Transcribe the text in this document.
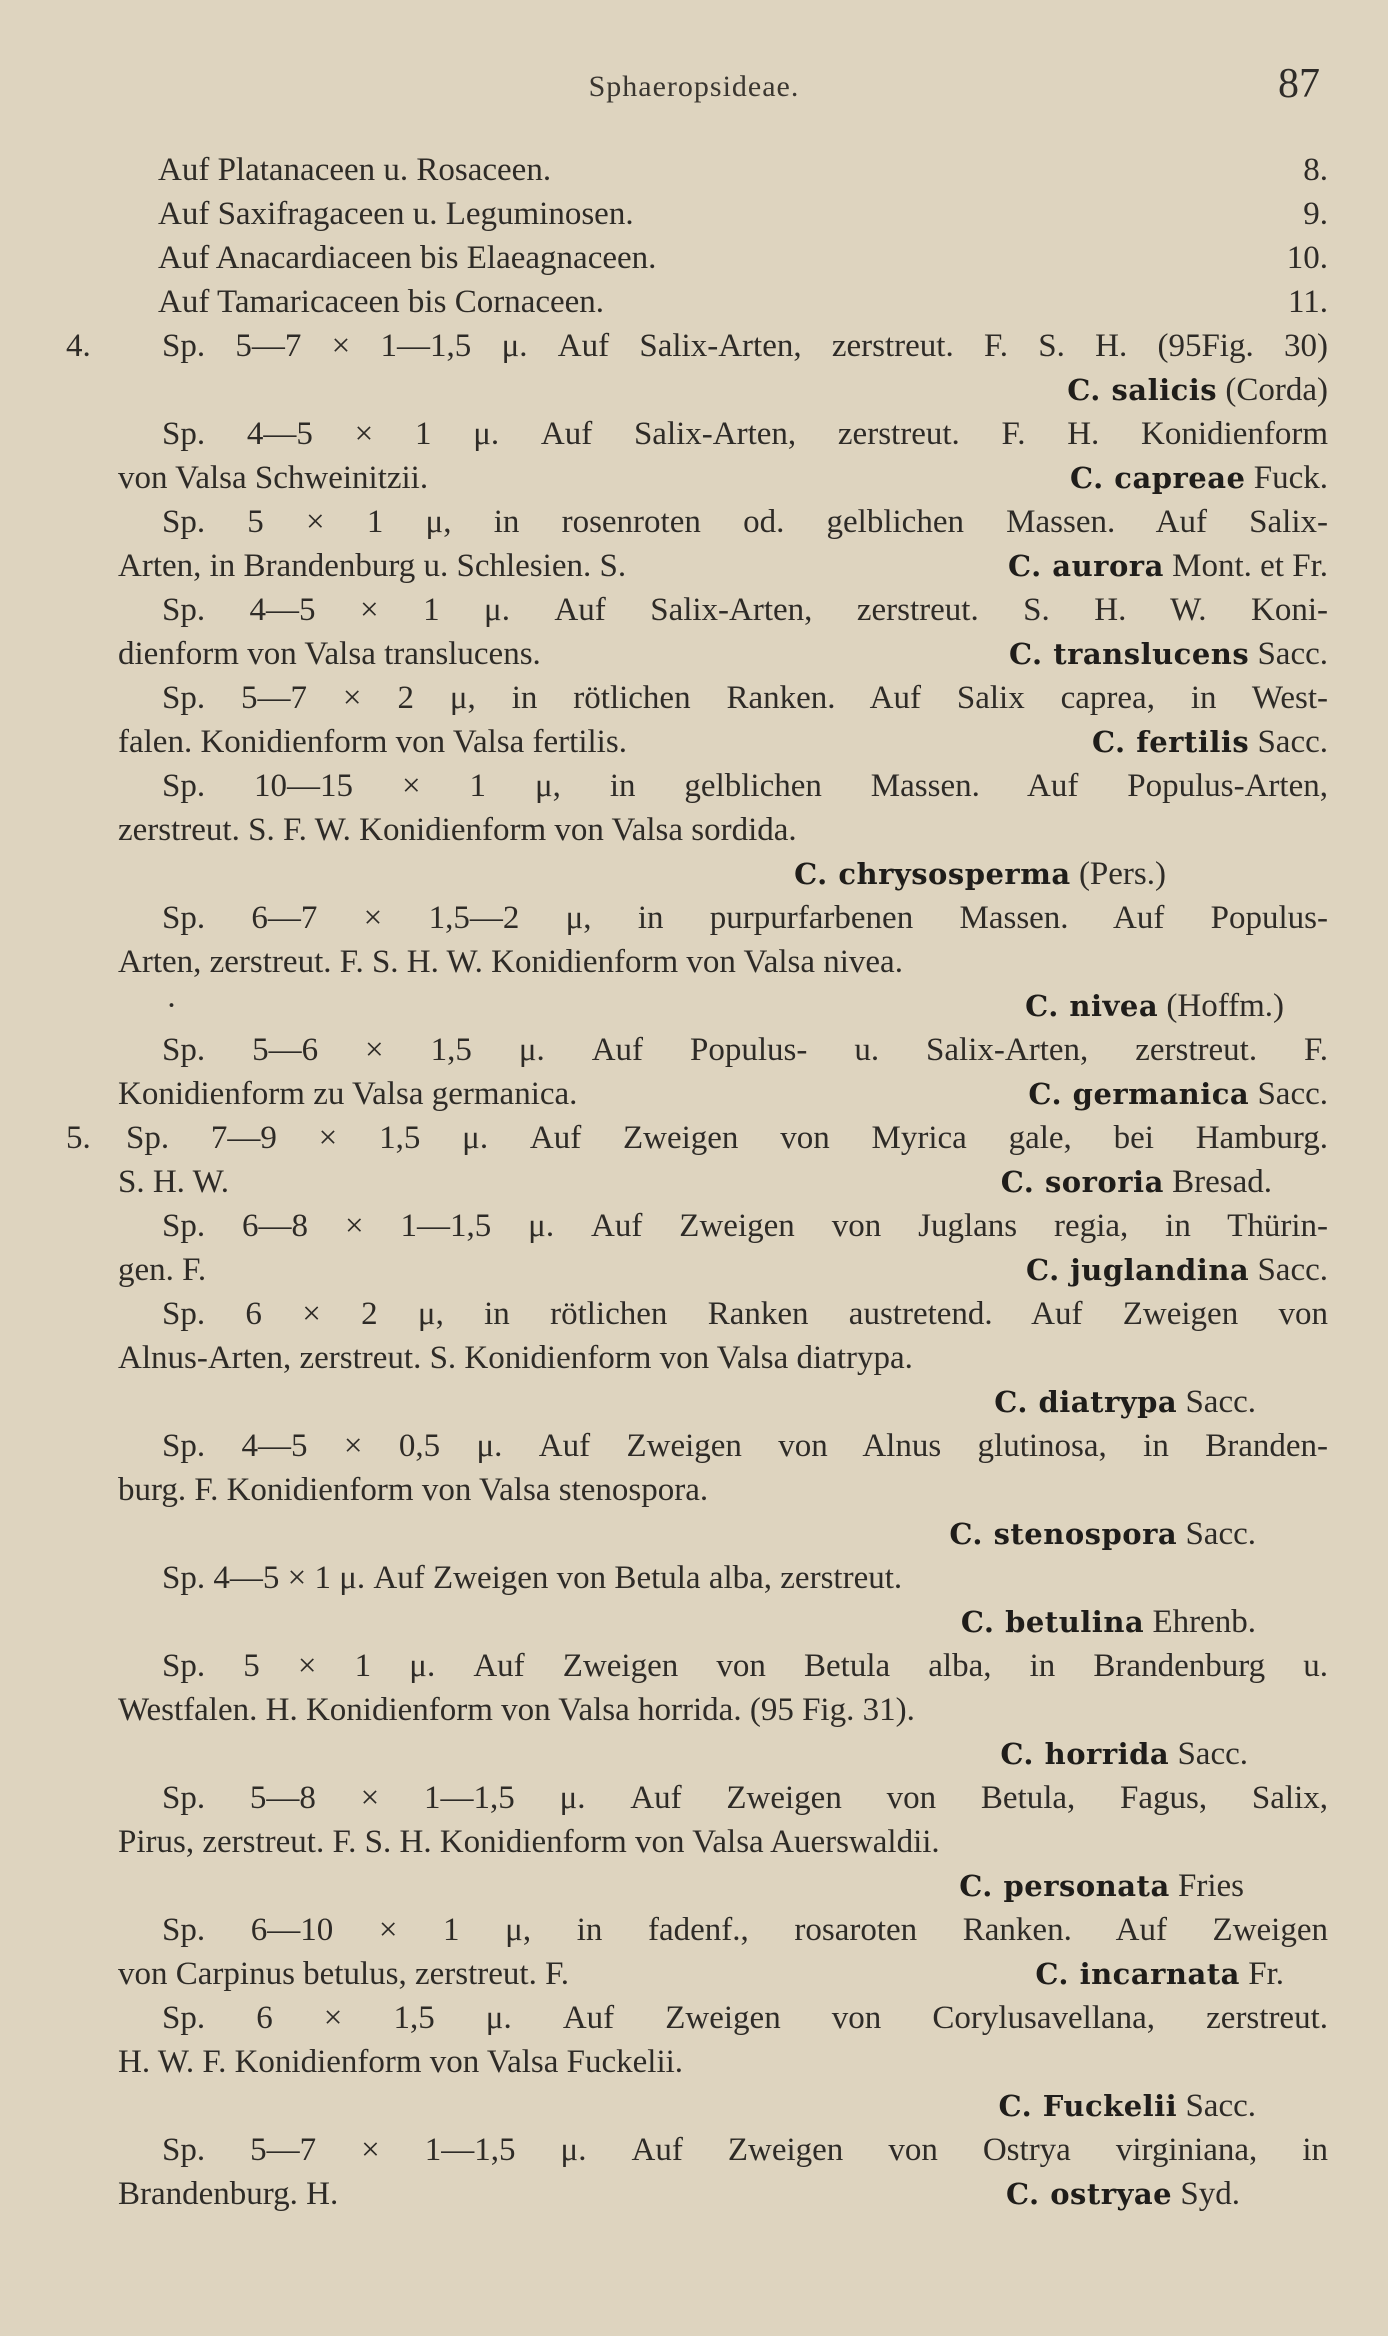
Sphaeropsideae.	87
Auf Platanaceen u. Rosaceen.	8.
Auf Saxifragaceen u. Leguminosen.	9.
Auf Anacardiaceen bis Elaeagnaceen.	10.
Auf Tamaricaceen bis Cornaceen.	11.
4. Sp. 5—7 × 1—1,5 μ. Auf Salix-Arten, zerstreut. F. S. H. (95Fig. 30)
C. salicis (Corda)
Sp. 4—5 × 1 μ. Auf Salix-Arten, zerstreut. F. H. Konidienform
von Valsa Schweinitzii.	C. capreae Fuck.
Sp. 5 × 1 μ, in rosenroten od. gelblichen Massen. Auf Salix-
Arten, in Brandenburg u. Schlesien. S.	C. aurora Mont. et Fr.
Sp. 4—5 × 1 μ. Auf Salix-Arten, zerstreut. S. H. W. Koni-
dienform von Valsa translucens.	C. translucens Sacc.
Sp. 5—7 × 2 μ, in rötlichen Ranken. Auf Salix caprea, in West-
falen. Konidienform von Valsa fertilis.	C. fertilis Sacc.
Sp. 10—15 × 1 μ, in gelblichen Massen. Auf Populus-Arten,
zerstreut. S. F. W. Konidienform von Valsa sordida.
C. chrysosperma (Pers.)
Sp. 6—7 × 1,5—2 μ, in purpurfarbenen Massen. Auf Populus-
Arten, zerstreut. F. S. H. W. Konidienform von Valsa nivea.
·	C. nivea (Hoffm.)
Sp. 5—6 × 1,5 μ. Auf Populus- u. Salix-Arten, zerstreut. F.
Konidienform zu Valsa germanica.	C. germanica Sacc.
5. Sp. 7—9 × 1,5 μ. Auf Zweigen von Myrica gale, bei Hamburg.
S. H. W.	C. sororia Bresad.
Sp. 6—8 × 1—1,5 μ. Auf Zweigen von Juglans regia, in Thürin-
gen. F.	C. juglandina Sacc.
Sp. 6 × 2 μ, in rötlichen Ranken austretend. Auf Zweigen von
Alnus-Arten, zerstreut. S. Konidienform von Valsa diatrypa.
C. diatrypa Sacc.
Sp. 4—5 × 0,5 μ. Auf Zweigen von Alnus glutinosa, in Branden-
burg. F. Konidienform von Valsa stenospora.
C. stenospora Sacc.
Sp. 4—5 × 1 μ. Auf Zweigen von Betula alba, zerstreut.
C. betulina Ehrenb.
Sp. 5 × 1 μ. Auf Zweigen von Betula alba, in Brandenburg u.
Westfalen. H. Konidienform von Valsa horrida. (95 Fig. 31).
C. horrida Sacc.
Sp. 5—8 × 1—1,5 μ. Auf Zweigen von Betula, Fagus, Salix,
Pirus, zerstreut. F. S. H. Konidienform von Valsa Auerswaldii.
C. personata Fries
Sp. 6—10 × 1 μ, in fadenf., rosaroten Ranken. Auf Zweigen
von Carpinus betulus, zerstreut. F.	C. incarnata Fr.
Sp. 6 × 1,5 μ. Auf Zweigen von Corylusavellana, zerstreut.
H. W. F. Konidienform von Valsa Fuckelii.
C. Fuckelii Sacc.
Sp. 5—7 × 1—1,5 μ. Auf Zweigen von Ostrya virginiana, in
Brandenburg. H.	C. ostryae Syd.
